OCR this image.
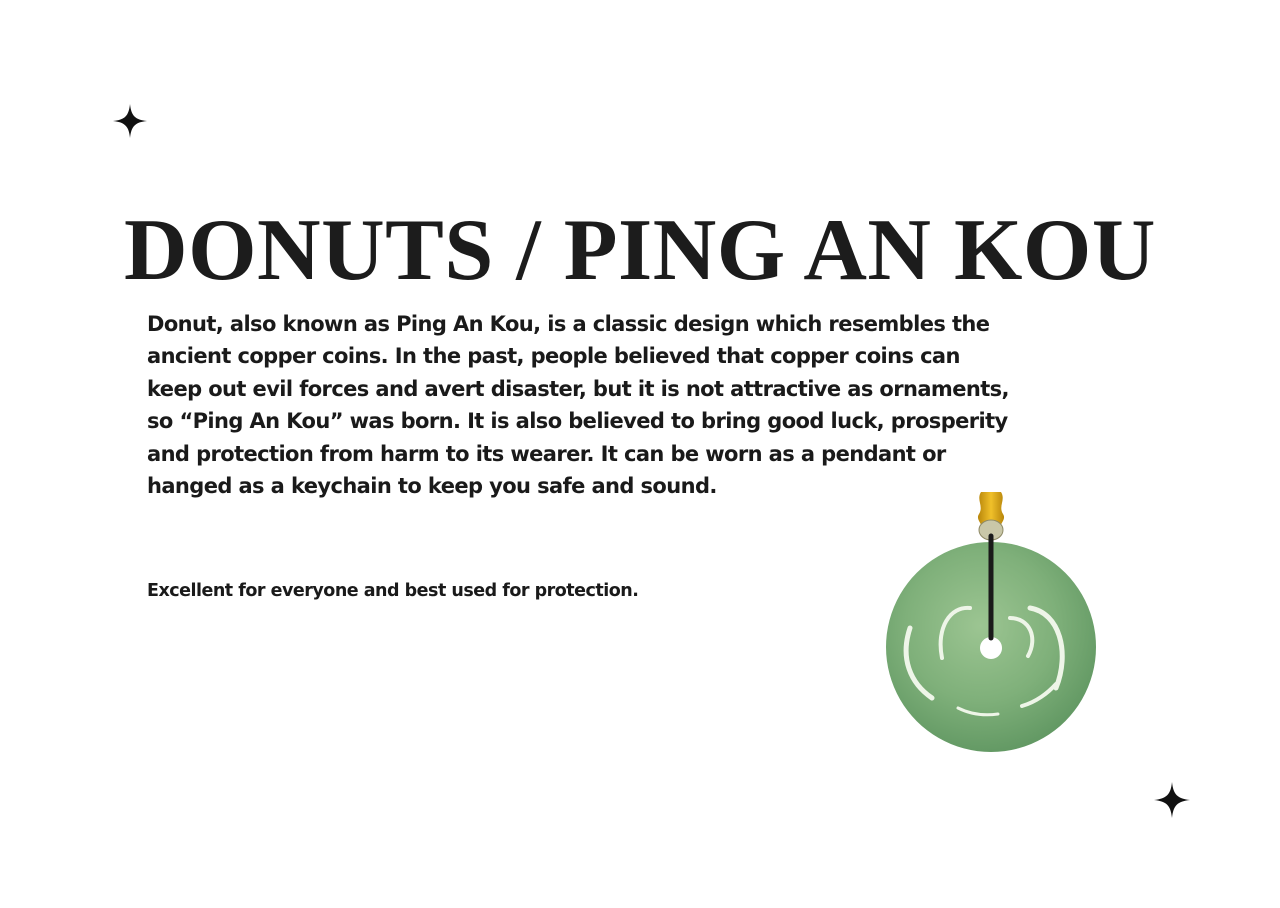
DONUTS / PING AN KOU

Donut, also known as Ping An Kou, is a classic design which resembles the ancient copper coins. In the past, people believed that copper coins can keep out evil forces and avert disaster, but it is not attractive as ornaments, so “Ping An Kou” was born. It is also believed to bring good luck, prosperity and protection from harm to its wearer. It can be worn as a pendant or hanged as a keychain to keep you safe and sound.

Excellent for everyone and best used for protection.
